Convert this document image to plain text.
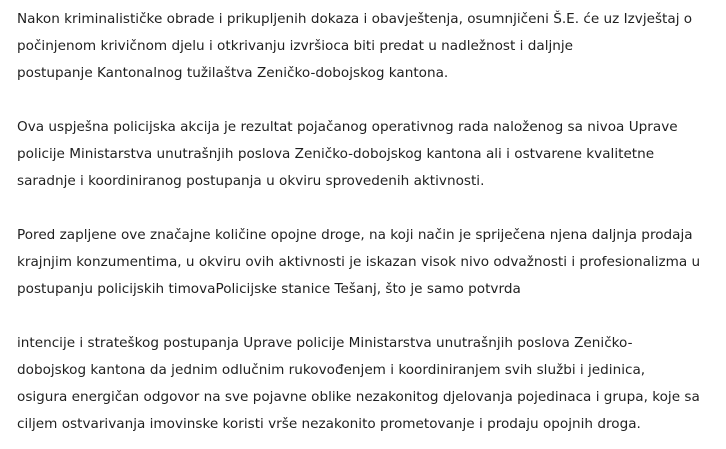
Nakon kriminalističke obrade i prikupljenih dokaza i obavještenja, osumnjičeni Š.E. će uz Izvještaj o
počinjenom krivičnom djelu i otkrivanju izvršioca biti predat u nadležnost i daljnje
postupanje Kantonalnog tužilaštva Zeničko-dobojskog kantona.

Ova uspješna policijska akcija je rezultat pojačanog operativnog rada naloženog sa nivoa Uprave
policije Ministarstva unutrašnjih poslova Zeničko-dobojskog kantona ali i ostvarene kvalitetne
saradnje i koordiniranog postupanja u okviru sprovedenih aktivnosti.

Pored zapljene ove značajne količine opojne droge, na koji način je spriječena njena daljnja prodaja
krajnjim konzumentima, u okviru ovih aktivnosti je iskazan visok nivo odvažnosti i profesionalizma u
postupanju policijskih timovaPolicijske stanice Tešanj, što je samo potvrda

intencije i strateškog postupanja Uprave policije Ministarstva unutrašnjih poslova Zeničko-
dobojskog kantona da jednim odlučnim rukovođenjem i koordiniranjem svih službi i jedinica,
osigura energičan odgovor na sve pojavne oblike nezakonitog djelovanja pojedinaca i grupa, koje sa
ciljem ostvarivanja imovinske koristi vrše nezakonito prometovanje i prodaju opojnih droga.
